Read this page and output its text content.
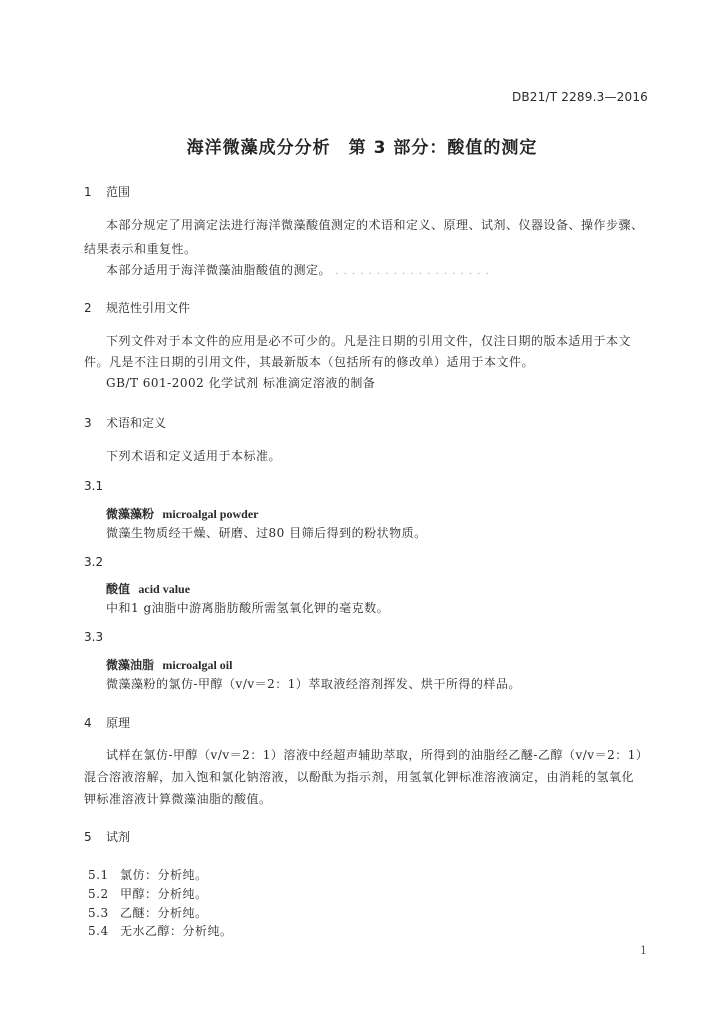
DB21/T 2289.3—2016
海洋微藻成分分析　第 3 部分：酸值的测定
1 范围
本部分规定了用滴定法进行海洋微藻酸值测定的术语和定义、原理、试剂、仪器设备、操作步骤、
结果表示和重复性。
本部分适用于海洋微藻油脂酸值的测定。 . . . . . . . . . . . . . . . . . . .
2 规范性引用文件
下列文件对于本文件的应用是必不可少的。凡是注日期的引用文件，仅注日期的版本适用于本文
件。凡是不注日期的引用文件，其最新版本（包括所有的修改单）适用于本文件。
GB/T 601-2002 化学试剂 标准滴定溶液的制备
3 术语和定义
下列术语和定义适用于本标准。
3.1
微藻藻粉 microalgal powder
微藻生物质经干燥、研磨、过80 目筛后得到的粉状物质。
3.2
酸值 acid value
中和1 g油脂中游离脂肪酸所需氢氧化钾的毫克数。
3.3
微藻油脂 microalgal oil
微藻藻粉的氯仿-甲醇（v/v＝2：1）萃取液经溶剂挥发、烘干所得的样品。
4 原理
试样在氯仿-甲醇（v/v＝2：1）溶液中经超声辅助萃取，所得到的油脂经乙醚-乙醇（v/v＝2：1）
混合溶液溶解，加入饱和氯化钠溶液，以酚酞为指示剂，用氢氧化钾标准溶液滴定，由消耗的氢氧化
钾标准溶液计算微藻油脂的酸值。
5 试剂
5.1 氯仿：分析纯。
5.2 甲醇：分析纯。
5.3 乙醚：分析纯。
5.4 无水乙醇：分析纯。
1
